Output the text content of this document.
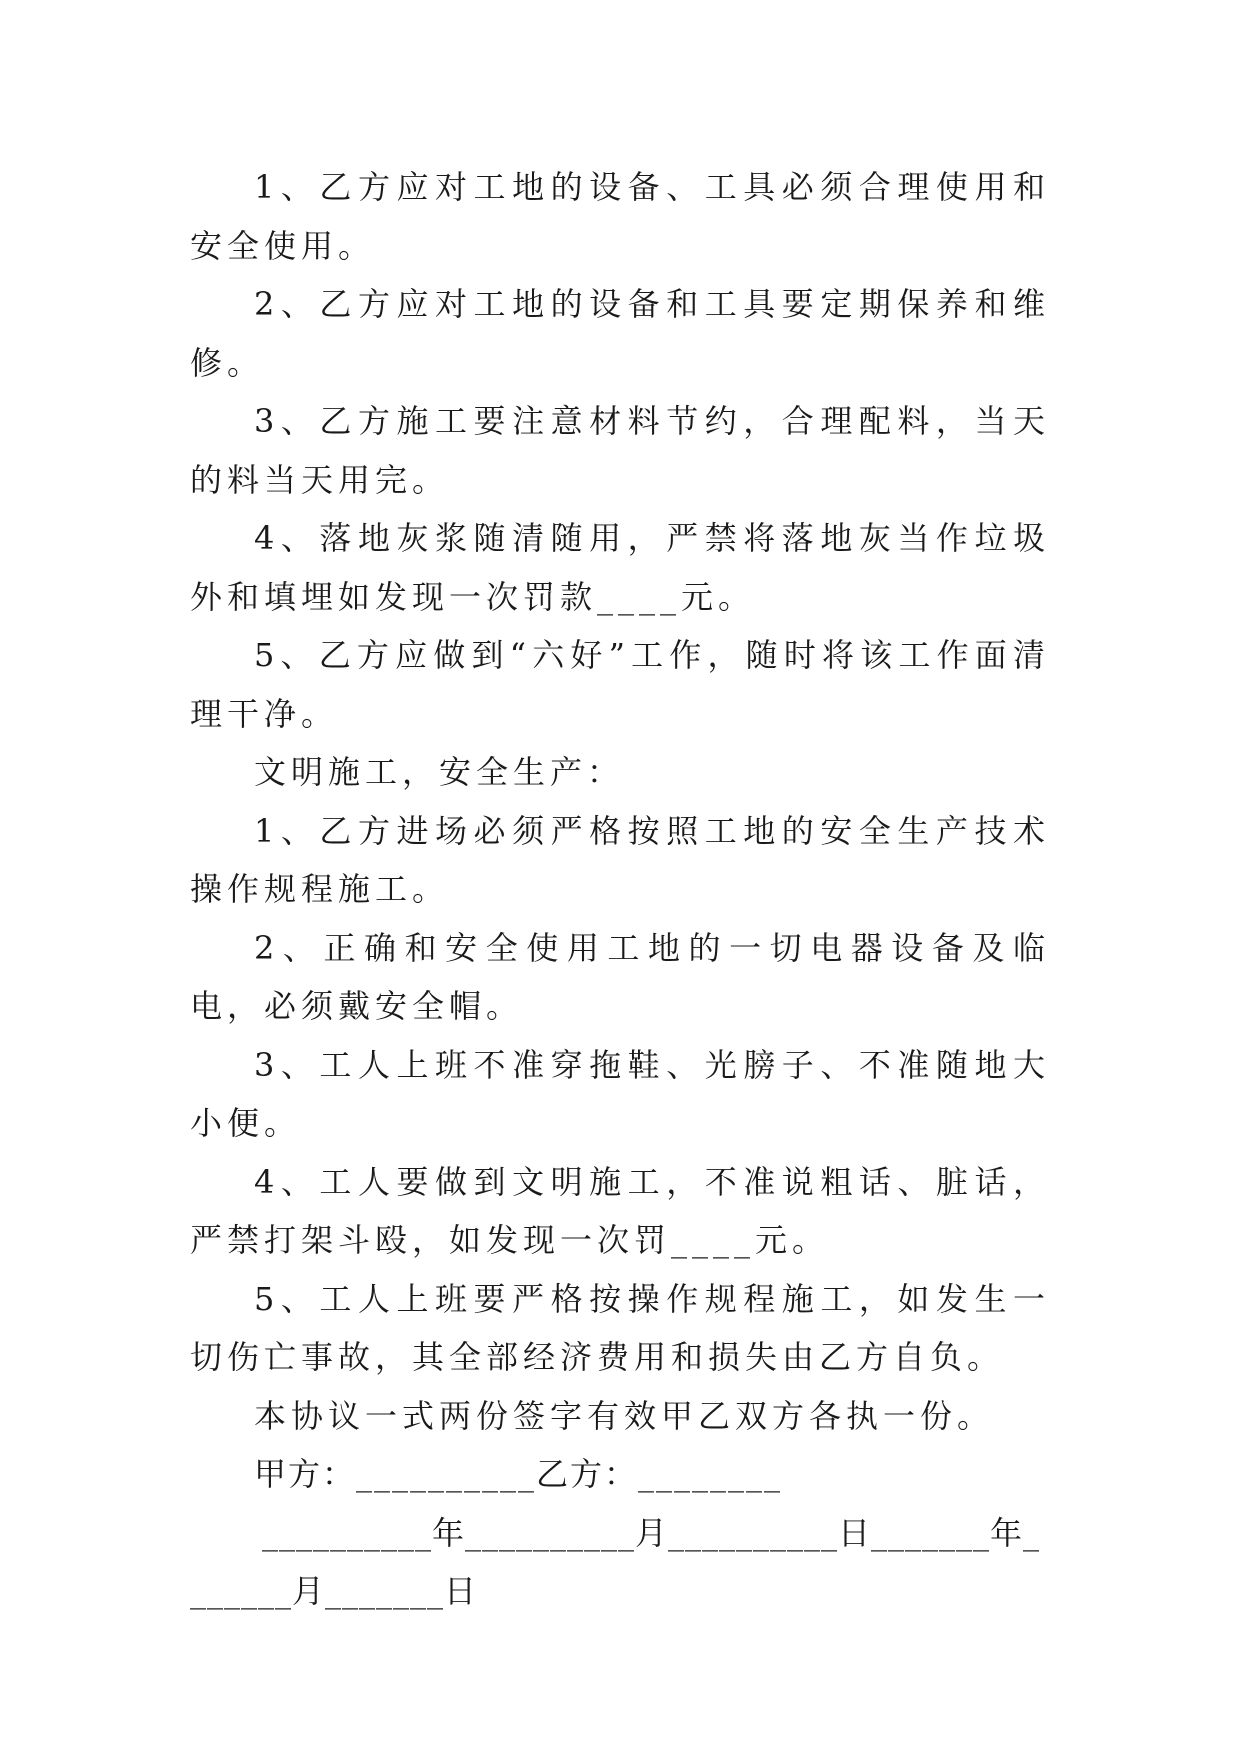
1、乙方应对工地的设备、工具必须合理使用和安全使用。

2、乙方应对工地的设备和工具要定期保养和维修。

3、乙方施工要注意材料节约，合理配料，当天的料当天用完。

4、落地灰浆随清随用，严禁将落地灰当作垃圾外和填埋如发现一次罚款____元。

5、乙方应做到“六好”工作，随时将该工作面清理干净。

文明施工，安全生产：

1、乙方进场必须严格按照工地的安全生产技术操作规程施工。

2、正确和安全使用工地的一切电器设备及临电，必须戴安全帽。

3、工人上班不准穿拖鞋、光膀子、不准随地大小便。

4、工人要做到文明施工，不准说粗话、脏话，严禁打架斗殴，如发现一次罚____元。

5、工人上班要严格按操作规程施工，如发生一切伤亡事故，其全部经济费用和损失由乙方自负。

本协议一式两份签字有效甲乙双方各执一份。

甲方：__________乙方：________

__________年__________月__________日_______年_______月_______日
